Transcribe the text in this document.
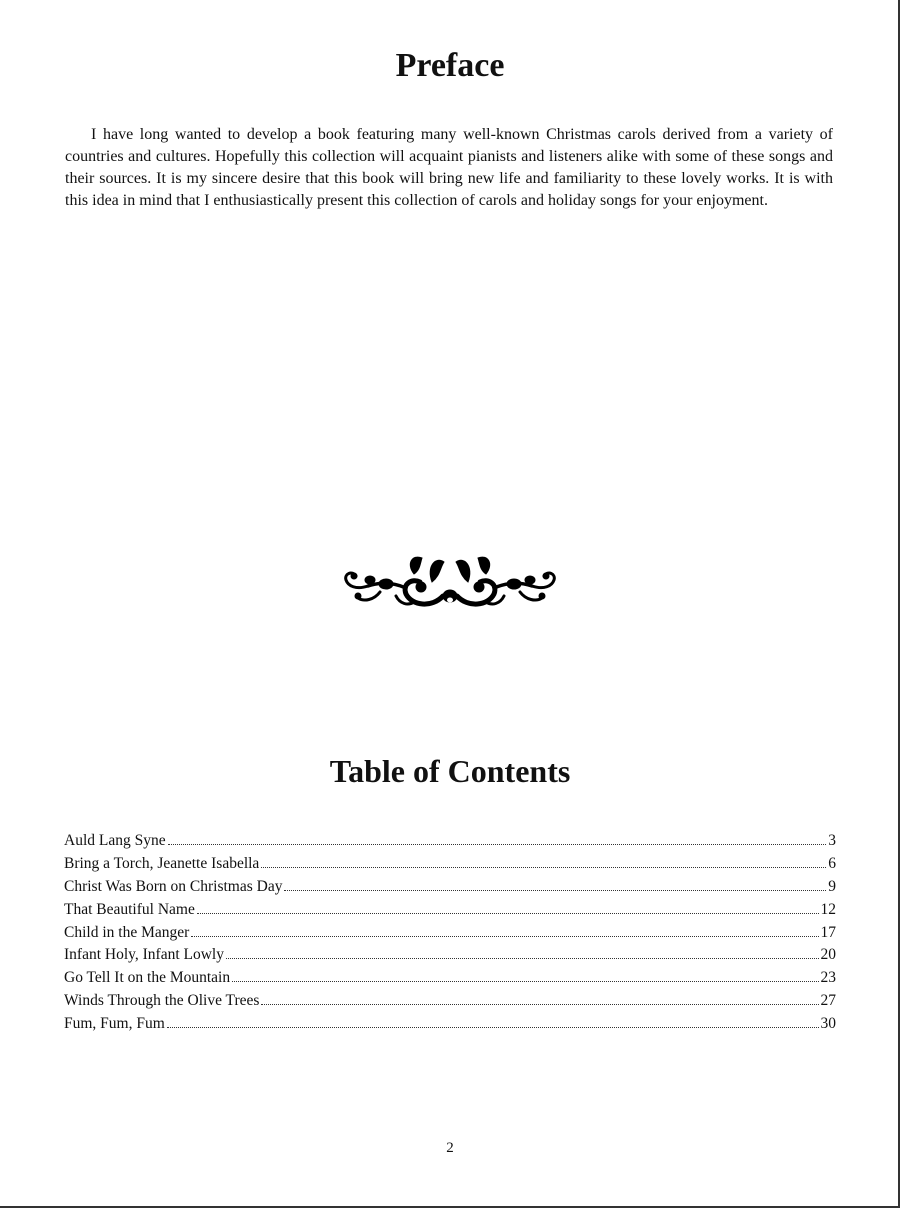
Preface

I have long wanted to develop a book featuring many well-known Christmas carols derived from a variety of countries and cultures. Hopefully this collection will acquaint pianists and listeners alike with some of these songs and their sources. It is my sincere desire that this book will bring new life and familiarity to these lovely works. It is with this idea in mind that I enthusiastically present this collection of carols and holiday songs for your enjoyment.

Table of Contents
Auld Lang Syne	3
Bring a Torch, Jeanette Isabella	6
Christ Was Born on Christmas Day	9
That Beautiful Name	12
Child in the Manger	17
Infant Holy, Infant Lowly	20
Go Tell It on the Mountain	23
Winds Through the Olive Trees	27
Fum, Fum, Fum	30
2
